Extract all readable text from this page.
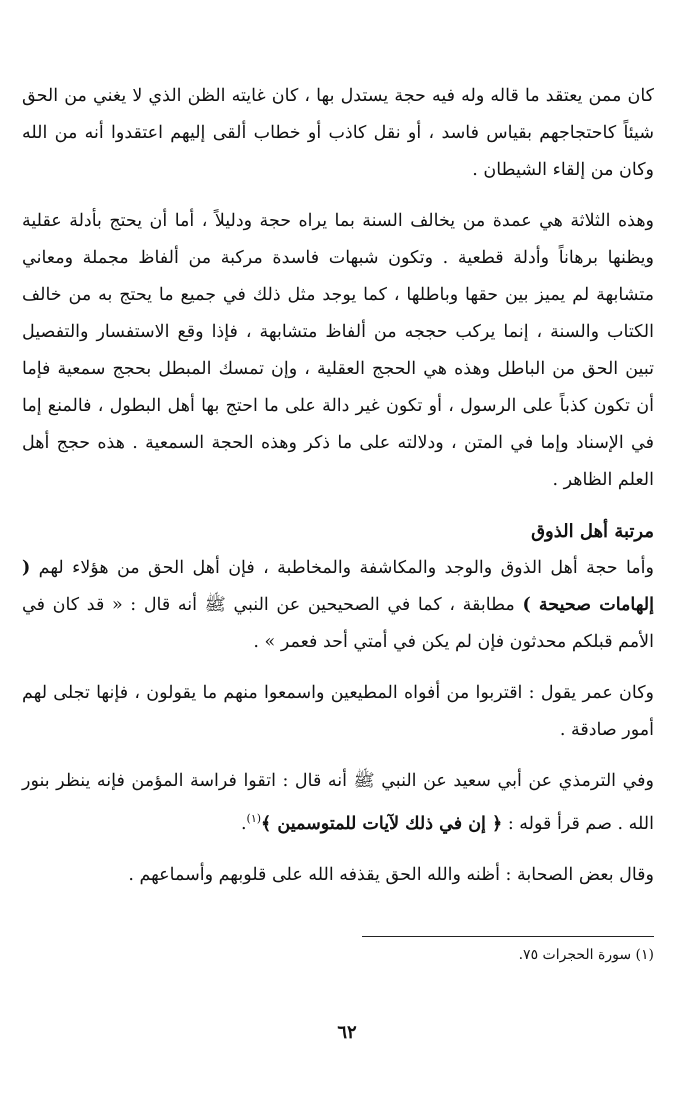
كان ممن يعتقد ما قاله وله فيه حجة يستدل بها ، كان غايته الظن الذي لا يغني من الحق شيئاً كاحتجاجهم بقياس فاسد ، أو نقل كاذب أو خطاب ألقى إليهم اعتقدوا أنه من الله وكان من إلقاء الشيطان .

وهذه الثلاثة هي عمدة من يخالف السنة بما يراه حجة ودليلاً ، أما أن يحتج بأدلة عقلية ويظنها برهاناً وأدلة قطعية . وتكون شبهات فاسدة مركبة من ألفاظ مجملة ومعاني متشابهة لم يميز بين حقها وباطلها ، كما يوجد مثل ذلك في جميع ما يحتج به من خالف الكتاب والسنة ، إنما يركب حججه من ألفاظ متشابهة ، فإذا وقع الاستفسار والتفصيل تبين الحق من الباطل وهذه هي الحجج العقلية ، وإن تمسك المبطل بحجج سمعية فإما أن تكون كذباً على الرسول ، أو تكون غير دالة على ما احتج بها أهل البطول ، فالمنع إما في الإسناد وإما في المتن ، ودلالته على ما ذكر وهذه الحجة السمعية . هذه حجج أهل العلم الظاهر .

مرتبة أهل الذوق

وأما حجة أهل الذوق والوجد والمكاشفة والمخاطبة ، فإن أهل الحق من هؤلاء لهم ( إلهامات صحيحة ) مطابقة ، كما في الصحيحين عن النبي ﷺ أنه قال : « قد كان في الأمم قبلكم محدثون فإن لم يكن في أمتي أحد فعمر » .

وكان عمر يقول : اقتربوا من أفواه المطيعين واسمعوا منهم ما يقولون ، فإنها تجلى لهم أمور صادقة .

وفي الترمذي عن أبي سعيد عن النبي ﷺ أنه قال : اتقوا فراسة المؤمن فإنه ينظر بنور الله . صم قرأ قوله : ﴿ إن في ذلك لآيات للمتوسمين ﴾$^{(١)}$.

وقال بعض الصحابة : أظنه والله الحق يقذفه الله على قلوبهم وأسماعهم .

(١) سورة الحجرات ٧٥.
٦٢
